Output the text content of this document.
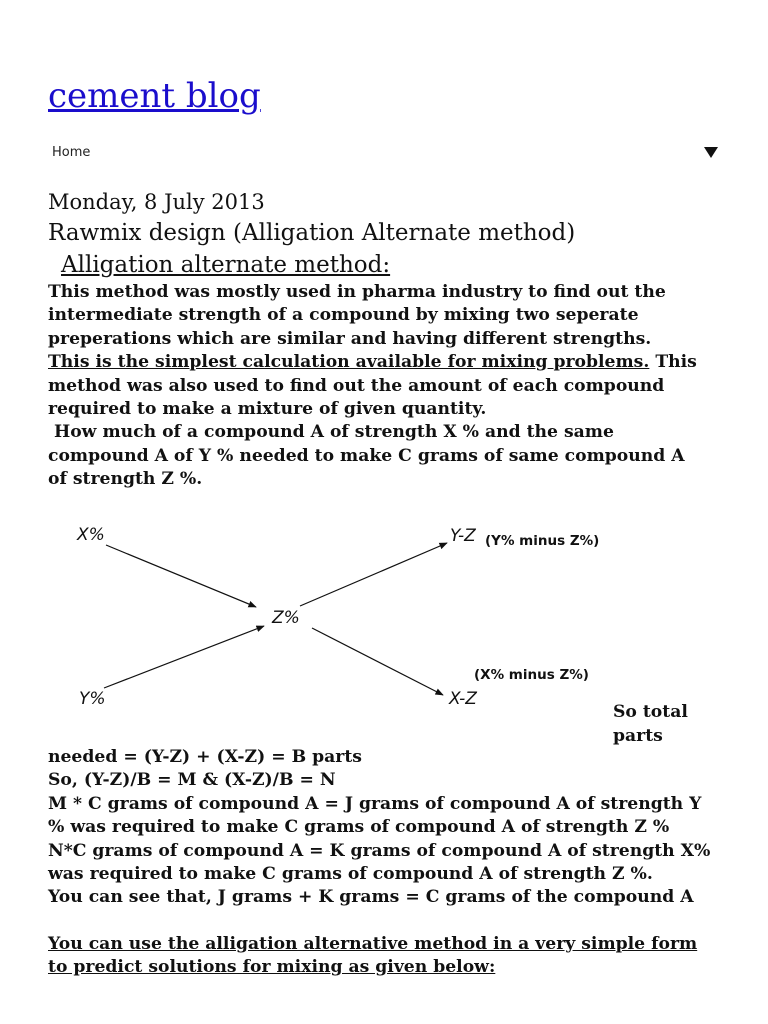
cement blog
Home
Monday, 8 July 2013
Rawmix design (Alligation Alternate method)
Alligation alternate method:
This method was mostly used in pharma industry to find out the
intermediate strength of a compound by mixing two seperate
preperations which are similar and having different strengths.
This is the simplest calculation available for mixing problems. This
method was also used to find out the amount of each compound
required to make a mixture of given quantity.
How much of a compound A of strength X % and the same
compound A of Y % needed to make C grams of same compound A
of strength Z %.
X%
Y%
Z%
Y-Z (Y% minus Z%)
X-Z
(X% minus Z%)
So total parts
needed = (Y-Z) + (X-Z) = B parts
So, (Y-Z)/B = M & (X-Z)/B = N
M * C grams of compound A = J grams of compound A of strength Y
% was required to make C grams of compound A of strength Z %
N*C grams of compound A = K grams of compound A of strength X%
was required to make C grams of compound A of strength Z %.
You can see that, J grams + K grams = C grams of the compound A
You can use the alligation alternative method in a very simple form
to predict solutions for mixing as given below:
